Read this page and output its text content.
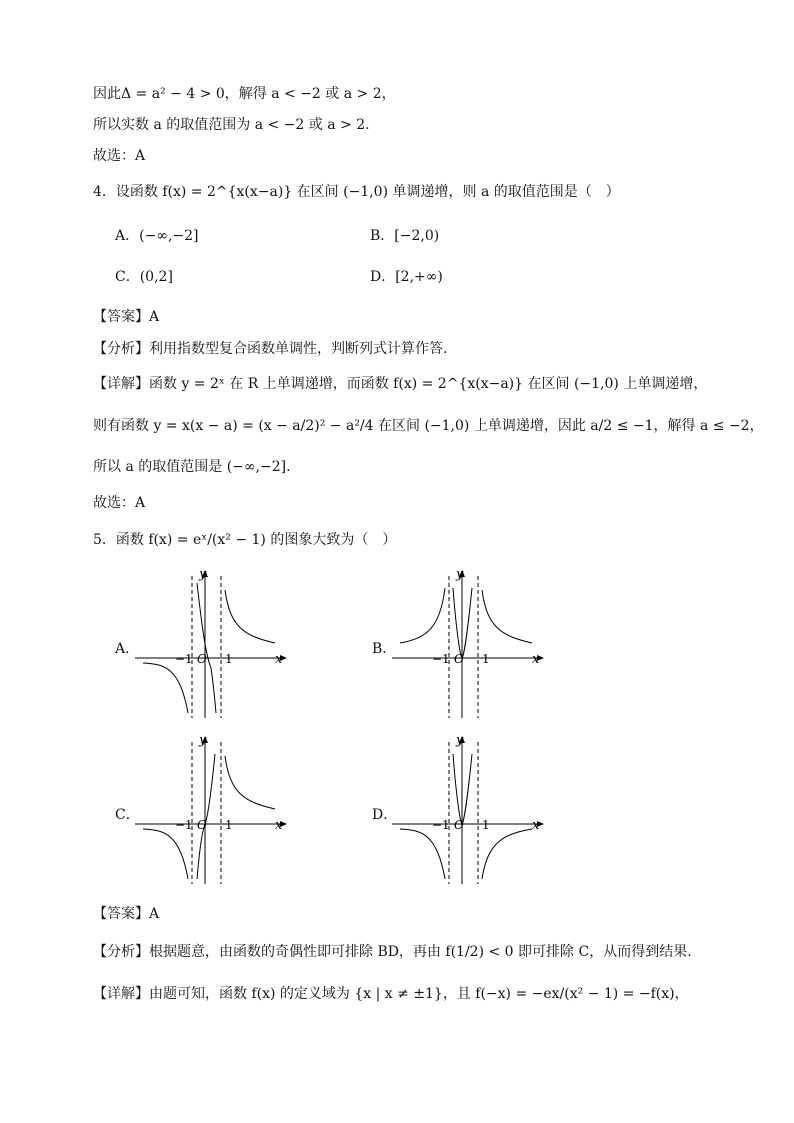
因此Δ = a² − 4 > 0，解得 a < −2 或 a > 2，
所以实数 a 的取值范围为 a < −2 或 a > 2.
故选：A
4．设函数 f(x) = 2^{x(x−a)} 在区间 (−1,0) 单调递增，则 a 的取值范围是（　）
A．(−∞,−2]	B．[−2,0)
C．(0,2]	D．[2,+∞)
【答案】A
【分析】利用指数型复合函数单调性，判断列式计算作答.
【详解】函数 y = 2ˣ 在 R 上单调递增，而函数 f(x) = 2^{x(x−a)} 在区间 (−1,0) 上单调递增，
则有函数 y = x(x − a) = (x − a/2)² − a²/4 在区间 (−1,0) 上单调递增，因此 a/2 ≤ −1，解得 a ≤ −2，
所以 a 的取值范围是 (−∞,−2].
故选：A
5．函数 f(x) = eˣ/(x² − 1) 的图象大致为（　）
A．
x
y
−1 O 1
B．
x
y
−1 O 1
C．
x
y
−1 O 1
D．
x
y
−1 O 1
【答案】A
【分析】根据题意，由函数的奇偶性即可排除 BD，再由 f(1/2) < 0 即可排除 C，从而得到结果.
【详解】由题可知，函数 f(x) 的定义域为 {x | x ≠ ±1}，且 f(−x) = −ex/(x² − 1) = −f(x)，
